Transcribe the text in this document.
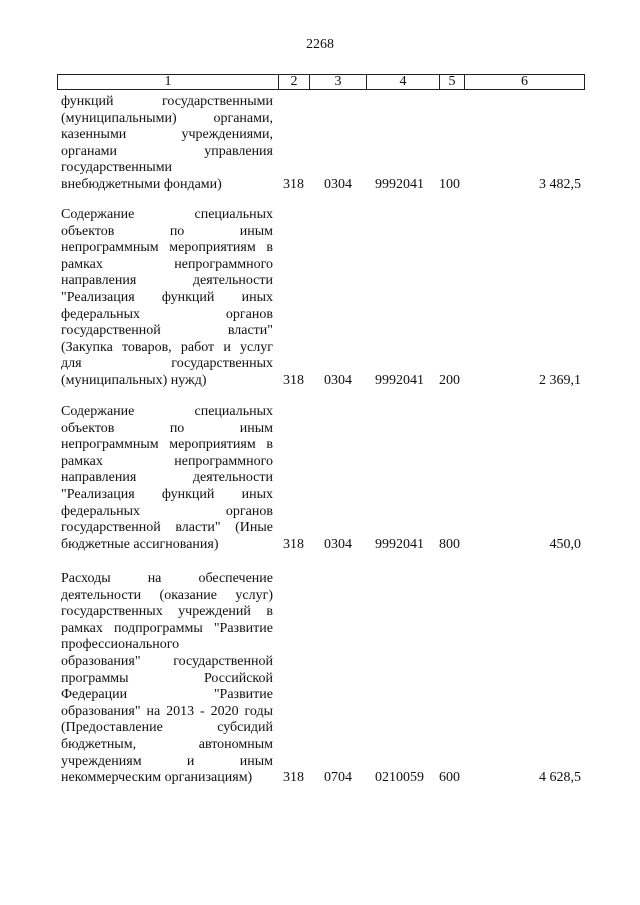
2268
1	2	3	4	5	6
функций государственными
(муниципальными) органами,
казенными учреждениями,
органами управления
государственными
внебюджетными фондами)	318 0304 9992041 100	3 482,5
Содержание специальных
объектов по иным
непрограммным мероприятиям в
рамках непрограммного
направления деятельности
"Реализация функций иных
федеральных органов
государственной власти"
(Закупка товаров, работ и услуг
для государственных
(муниципальных) нужд)	318 0304 9992041 200	2 369,1
Содержание специальных
объектов по иным
непрограммным мероприятиям в
рамках непрограммного
направления деятельности
"Реализация функций иных
федеральных органов
государственной власти" (Иные
бюджетные ассигнования)	318 0304 9992041 800	450,0
Расходы на обеспечение
деятельности (оказание услуг)
государственных учреждений в
рамках подпрограммы "Развитие
профессионального
образования" государственной
программы Российской
Федерации "Развитие
образования" на 2013 - 2020 годы
(Предоставление субсидий
бюджетным, автономным
учреждениям и иным
некоммерческим организациям)	318 0704 0210059 600	4 628,5
